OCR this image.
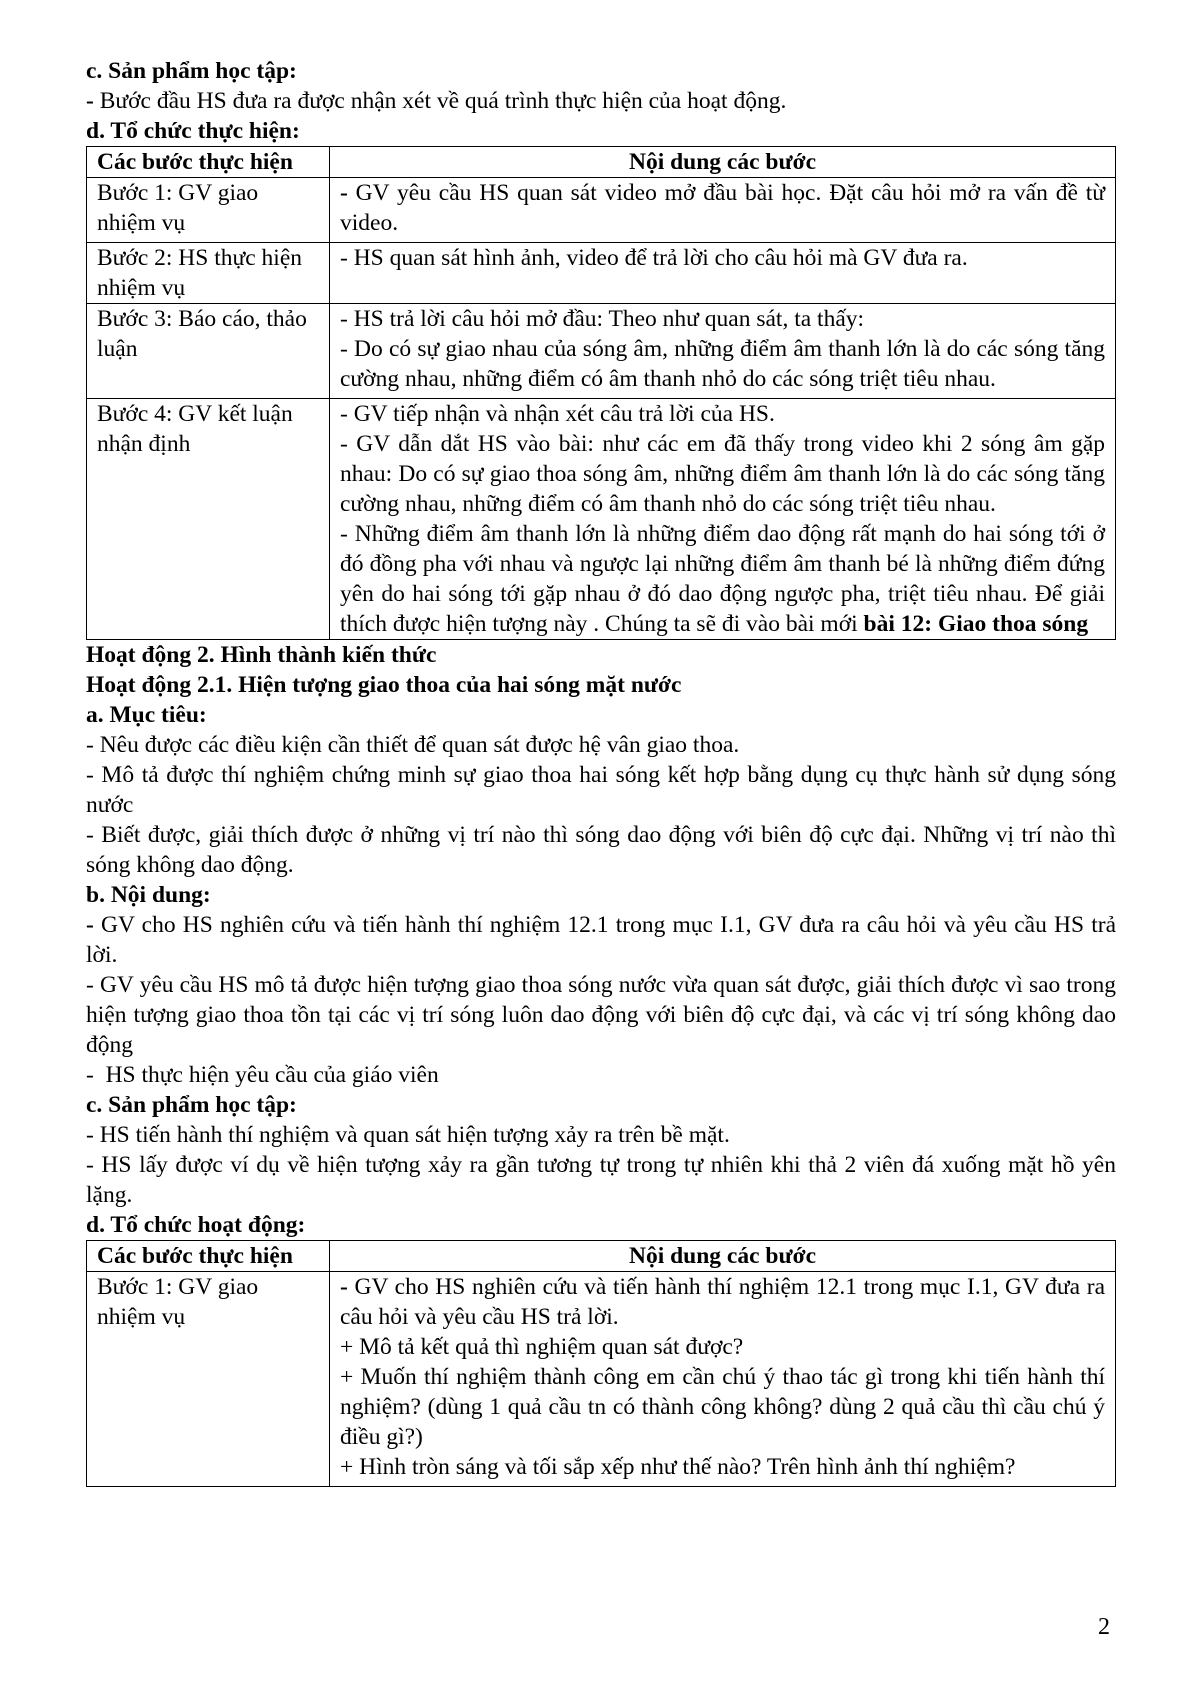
c. Sản phẩm học tập:

- Bước đầu HS đưa ra được nhận xét về quá trình thực hiện của hoạt động.

d. Tổ chức thực hiện:

Các bước thực hiện	Nội dung các bước
Bước 1: GV giao nhiệm vụ	- GV yêu cầu HS quan sát video mở đầu bài học. Đặt câu hỏi mở ra vấn đề từ video.
Bước 2: HS thực hiện nhiệm vụ	- HS quan sát hình ảnh, video để trả lời cho câu hỏi mà GV đưa ra.
Bước 3: Báo cáo, thảo luận	- HS trả lời câu hỏi mở đầu: Theo như quan sát, ta thấy:

- Do có sự giao nhau của sóng âm, những điểm âm thanh lớn là do các sóng tăng cường nhau, những điểm có âm thanh nhỏ do các sóng triệt tiêu nhau.

Bước 4: GV kết luận nhận định	- GV tiếp nhận và nhận xét câu trả lời của HS.

- GV dẫn dắt HS vào bài: như các em đã thấy trong video khi 2 sóng âm gặp nhau: Do có sự giao thoa sóng âm, những điểm âm thanh lớn là do các sóng tăng cường nhau, những điểm có âm thanh nhỏ do các sóng triệt tiêu nhau.

- Những điểm âm thanh lớn là những điểm dao động rất mạnh do hai sóng tới ở đó đồng pha với nhau và ngược lại những điểm âm thanh bé là những điểm đứng yên do hai sóng tới gặp nhau ở đó dao động ngược pha, triệt tiêu nhau. Để giải thích được hiện tượng này . Chúng ta sẽ đi vào bài mới bài 12: Giao thoa sóng

Hoạt động 2. Hình thành kiến thức

Hoạt động 2.1. Hiện tượng giao thoa của hai sóng mặt nước

a. Mục tiêu:

- Nêu được các điều kiện cần thiết để quan sát được hệ vân giao thoa.

- Mô tả được thí nghiệm chứng minh sự giao thoa hai sóng kết hợp bằng dụng cụ thực hành sử dụng sóng nước

- Biết được, giải thích được ở những vị trí nào thì sóng dao động với biên độ cực đại. Những vị trí nào thì sóng không dao động.

b. Nội dung:

- GV cho HS nghiên cứu và tiến hành thí nghiệm 12.1 trong mục I.1, GV đưa ra câu hỏi và yêu cầu HS trả lời.

- GV yêu cầu HS mô tả được hiện tượng giao thoa sóng nước vừa quan sát được, giải thích được vì sao trong hiện tượng giao thoa tồn tại các vị trí sóng luôn dao động với biên độ cực đại, và các vị trí sóng không dao động

-  HS thực hiện yêu cầu của giáo viên

c. Sản phẩm học tập:

- HS tiến hành thí nghiệm và quan sát hiện tượng xảy ra trên bề mặt.

- HS lấy được ví dụ về hiện tượng xảy ra gần tương tự trong tự nhiên khi thả 2 viên đá xuống mặt hồ yên lặng.

d. Tổ chức hoạt động:

Các bước thực hiện	Nội dung các bước
Bước 1: GV giao nhiệm vụ	- GV cho HS nghiên cứu và tiến hành thí nghiệm 12.1 trong mục I.1, GV đưa ra câu hỏi và yêu cầu HS trả lời.

+ Mô tả kết quả thì nghiệm quan sát được?

+ Muốn thí nghiệm thành công em cần chú ý thao tác gì trong khi tiến hành thí nghiệm? (dùng 1 quả cầu tn có thành công không? dùng 2 quả cầu thì cầu chú ý điều gì?)

+ Hình tròn sáng và tối sắp xếp như thế nào? Trên hình ảnh thí nghiệm?

2
